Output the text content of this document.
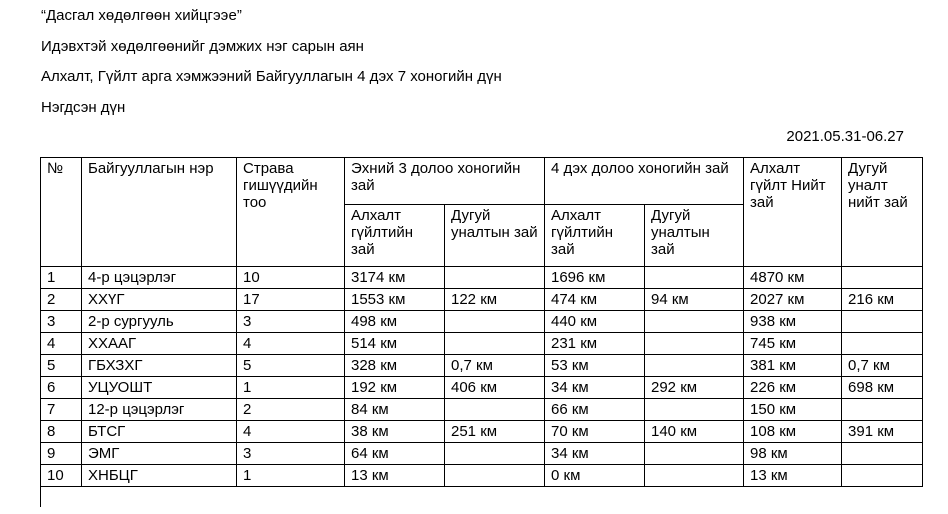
“Дасгал хөдөлгөөн хийцгээе”
Идэвхтэй хөдөлгөөнийг дэмжих нэг сарын аян
Алхалт, Гүйлт арга хэмжээний Байгууллагын 4 дэх 7 хоногийн дүн
Нэгдсэн дүн
2021.05.31-06.27
№	Байгууллагын нэр	Страва гишүүдийн тоо	Эхний 3 долоо хоногийн зай		4 дэх долоо хоногийн зай		Алхалт гүйлт Нийт зай	Дугуй уналт нийт зай
			Алхалт гүйлтийн зай	Дугуй уналтын зай	Алхалт гүйлтийн зай	Дугуй уналтын зай		
1	4-р цэцэрлэг	10	3174 км		1696 км		4870 км	
2	ХХҮГ	17	1553 км	122 км	474 км	94 км	2027 км	216 км
3	2-р сургууль	3	498 км		440 км		938 км	
4	ХХААГ	4	514 км		231 км		745 км	
5	ГБХЗХГ	5	328 км	0,7 км	53 км		381 км	0,7 км
6	УЦУОШТ	1	192 км	406 км	34 км	292 км	226 км	698 км
7	12-р цэцэрлэг	2	84 км		66 км		150 км	
8	БТСГ	4	38 км	251 км	70 км	140 км	108 км	391 км
9	ЭМГ	3	64 км		34 км		98 км	
10	ХНБЦГ	1	13 км		0 км		13 км	
